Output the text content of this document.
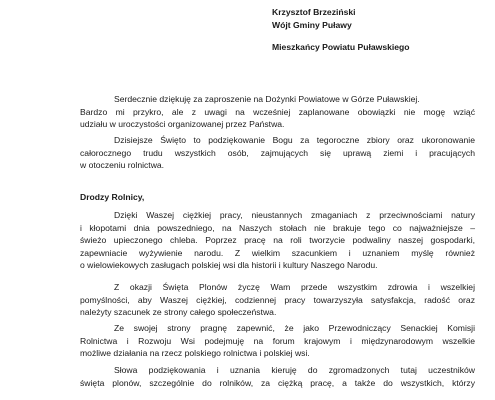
Krzysztof Brzeziński
Wójt Gminy Puławy
Mieszkańcy Powiatu Puławskiego
Serdecznie dziękuję za zaproszenie na Dożynki Powiatowe w Górze Puławskiej.
Bardzo mi przykro, ale z uwagi na wcześniej zaplanowane obowiązki nie mogę wziąć
udziału w uroczystości organizowanej przez Państwa.
Dzisiejsze Święto to podziękowanie Bogu za tegoroczne zbiory oraz ukoronowanie
całorocznego trudu wszystkich osób, zajmujących się uprawą ziemi i pracujących
w otoczeniu rolnictwa.
Drodzy Rolnicy,
Dzięki Waszej ciężkiej pracy, nieustannych zmaganiach z przeciwnościami natury
i kłopotami dnia powszedniego, na Naszych stołach nie brakuje tego co najważniejsze –
świeżo upieczonego chleba. Poprzez pracę na roli tworzycie podwaliny naszej gospodarki,
zapewniacie wyżywienie narodu. Z wielkim szacunkiem i uznaniem myślę również
o wielowiekowych zasługach polskiej wsi dla historii i kultury Naszego Narodu.
Z okazji Święta Plonów życzę Wam przede wszystkim zdrowia i wszelkiej
pomyślności, aby Waszej ciężkiej, codziennej pracy towarzyszyła satysfakcja, radość oraz
należyty szacunek ze strony całego społeczeństwa.
Ze swojej strony pragnę zapewnić, że jako Przewodniczący Senackiej Komisji
Rolnictwa i Rozwoju Wsi podejmuję na forum krajowym i międzynarodowym wszelkie
możliwe działania na rzecz polskiego rolnictwa i polskiej wsi.
Słowa podziękowania i uznania kieruję do zgromadzonych tutaj uczestników
święta plonów, szczególnie do rolników, za ciężką pracę, a także do wszystkich, którzy
